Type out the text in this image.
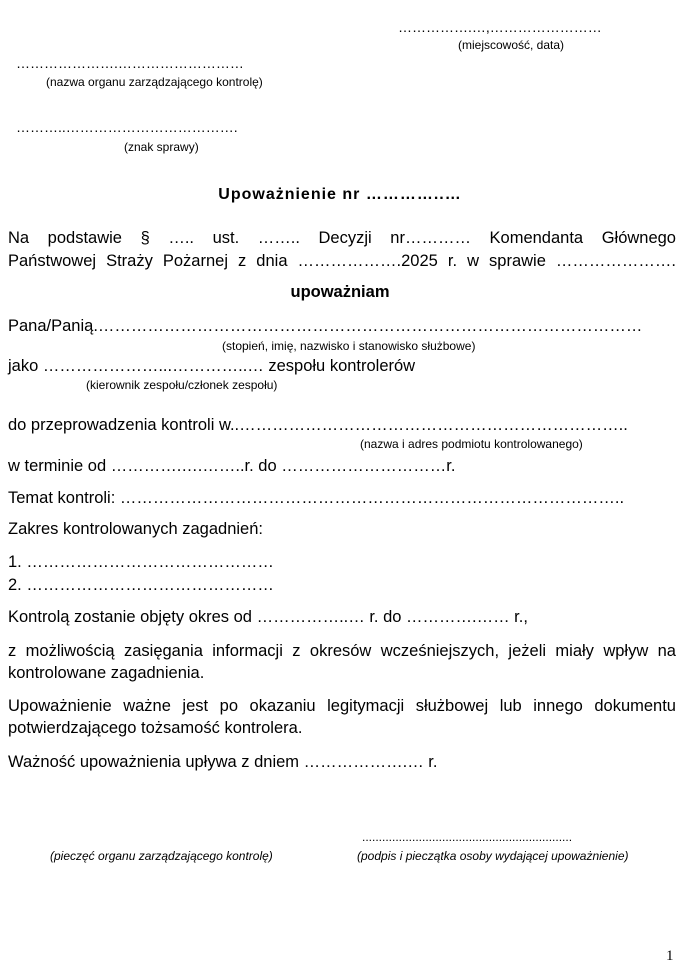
…………….…,……………………
(miejscowość, data)
………………….………………………
(nazwa organu zarządzającego kontrolę)
………..……………………………….
(znak sprawy)
Upoważnienie nr …………..…
Na podstawie § ….. ust. …….. Decyzji nr………… Komendanta Głównego
Państwowej Straży Pożarnej z dnia ……………….2025 r. w sprawie ………………….
upoważniam
Pana/Panią.………………………………………………………………………………………
(stopień, imię, nazwisko i stanowisko służbowe)
jako …………………...…………..… zespołu kontrolerów
(kierownik zespołu/członek zespołu)
do przeprowadzenia kontroli w..……………………………………………………………..
(nazwa i adres podmiotu kontrolowanego)
w terminie od ………….….……..r. do …………………………r.
Temat kontroli: ………………………………………………………………………………..
Zakres kontrolowanych zagadnień:
1. ………………………………………
2. ………………………………………
Kontrolą zostanie objęty okres od ……………..… r. do ………….…… r.,
z możliwością zasięgania informacji z okresów wcześniejszych, jeżeli miały wpływ na kontrolowane zagadnienia.
Upoważnienie ważne jest po okazaniu legitymacji służbowej lub innego dokumentu potwierdzającego tożsamość kontrolera.
Ważność upoważnienia upływa z dniem ……………….… r.
...............................................................
(pieczęć organu zarządzającego kontrolę)	(podpis i pieczątka osoby wydającej upoważnienie)
1
